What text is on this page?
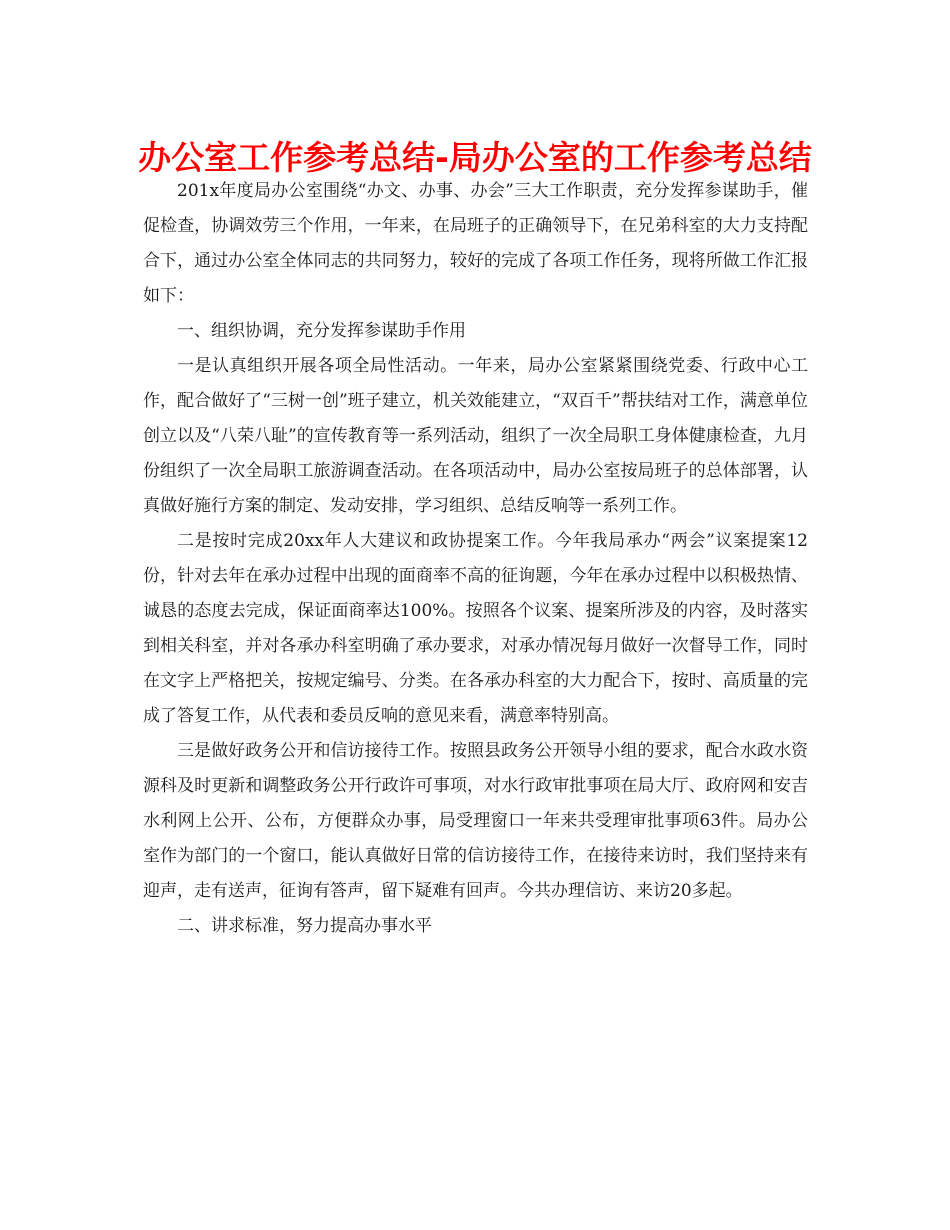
办公室工作参考总结-局办公室的工作参考总结

201x年度局办公室围绕“办文、办事、办会”三大工作职责，充分发挥参谋助手，催促检查，协调效劳三个作用，一年来，在局班子的正确领导下，在兄弟科室的大力支持配合下，通过办公室全体同志的共同努力，较好的完成了各项工作任务，现将所做工作汇报如下：

一、组织协调，充分发挥参谋助手作用

一是认真组织开展各项全局性活动。一年来，局办公室紧紧围绕党委、行政中心工作，配合做好了“三树一创”班子建立，机关效能建立，“双百千”帮扶结对工作，满意单位创立以及“八荣八耻”的宣传教育等一系列活动，组织了一次全局职工身体健康检查，九月份组织了一次全局职工旅游调查活动。在各项活动中，局办公室按局班子的总体部署，认真做好施行方案的制定、发动安排，学习组织、总结反响等一系列工作。

二是按时完成20xx年人大建议和政协提案工作。今年我局承办“两会”议案提案12份，针对去年在承办过程中出现的面商率不高的征询题，今年在承办过程中以积极热情、诚恳的态度去完成，保证面商率达100%。按照各个议案、提案所涉及的内容，及时落实到相关科室，并对各承办科室明确了承办要求，对承办情况每月做好一次督导工作，同时在文字上严格把关，按规定编号、分类。在各承办科室的大力配合下，按时、高质量的完成了答复工作，从代表和委员反响的意见来看，满意率特别高。

三是做好政务公开和信访接待工作。按照县政务公开领导小组的要求，配合水政水资源科及时更新和调整政务公开行政许可事项，对水行政审批事项在局大厅、政府网和安吉水利网上公开、公布，方便群众办事，局受理窗口一年来共受理审批事项63件。局办公室作为部门的一个窗口，能认真做好日常的信访接待工作，在接待来访时，我们坚持来有迎声，走有送声，征询有答声，留下疑难有回声。今共办理信访、来访20多起。

二、讲求标准，努力提高办事水平
